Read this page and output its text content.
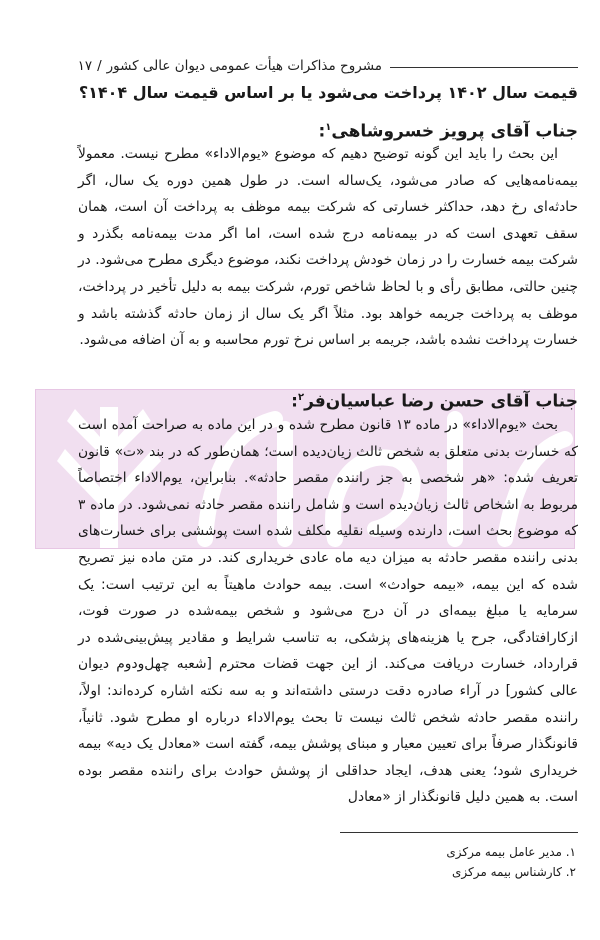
مشروح مذاکرات هیأت عمومی دیوان عالی کشور
/
۱۷
قیمت سال ۱۴۰۲ پرداخت می‌شود یا بر اساس قیمت سال ۱۴۰۴؟
جناب آقای پرویز خسروشاهی$^۱$:
این بحث را باید این گونه توضیح دهیم که موضوع «یوم‌الاداء» مطرح نیست. معمولاً بیمه‌نامه‌هایی که صادر می‌شود، یک‌ساله است. در طول همین دوره یک سال، اگر حادثه‌ای رخ دهد، حداکثر خسارتی که شرکت بیمه موظف به پرداخت آن است، همان سقف تعهدی است که در بیمه‌نامه درج شده است، اما اگر مدت بیمه‌نامه بگذرد و شرکت بیمه خسارت را در زمان خودش پرداخت نکند، موضوع دیگری مطرح می‌شود. در چنین حالتی، مطابق رأی و با لحاظ شاخص تورم، شرکت بیمه به دلیل تأخیر در پرداخت، موظف به پرداخت جریمه خواهد بود. مثلاً اگر یک سال از زمان حادثه گذشته باشد و خسارت پرداخت نشده باشد، جریمه بر اساس نرخ تورم محاسبه و به آن اضافه می‌شود.
جناب آقای حسن رضا عباسیان‌فر$^۲$:
بحث «یوم‌الاداء» در ماده ۱۳ قانون مطرح شده و در این ماده به صراحت آمده است که خسارت بدنی متعلق به شخص ثالث زیان‌دیده است؛ همان‌طور که در بند «ت» قانون تعریف شده: «هر شخصی به جز راننده مقصر حادثه». بنابراین، یوم‌الاداء اختصاصاً مربوط به اشخاص ثالث زیان‌دیده است و شامل راننده مقصر حادثه نمی‌شود. در ماده ۳ که موضوع بحث است، دارنده وسیله نقلیه مکلف شده است پوششی برای خسارت‌های بدنی راننده مقصر حادثه به میزان دیه ماه عادی خریداری کند. در متن ماده نیز تصریح شده که این بیمه، «بیمه حوادث» است. بیمه حوادث ماهیتاً به این ترتیب است: یک سرمایه یا مبلغ بیمه‌ای در آن درج می‌شود و شخص بیمه‌شده در صورت فوت، ازکارافتادگی، جرح یا هزینه‌های پزشکی، به تناسب شرایط و مقادیر پیش‌بینی‌شده در قرارداد، خسارت دریافت می‌کند. از این جهت قضات محترم [شعبه چهل‌ودوم دیوان عالی کشور] در آراء صادره دقت درستی داشته‌اند و به سه نکته اشاره کرده‌اند: اولاً، راننده مقصر حادثه شخص ثالث نیست تا بحث یوم‌الاداء درباره او مطرح شود. ثانیاً، قانونگذار صرفاً برای تعیین معیار و مبنای پوشش بیمه، گفته است «معادل یک دیه» بیمه خریداری شود؛ یعنی هدف، ایجاد حداقلی از پوشش حوادث برای راننده مقصر بوده است. به همین دلیل قانونگذار از «معادل
۱. مدیر عامل بیمه مرکزی
۲. کارشناس بیمه مرکزی
